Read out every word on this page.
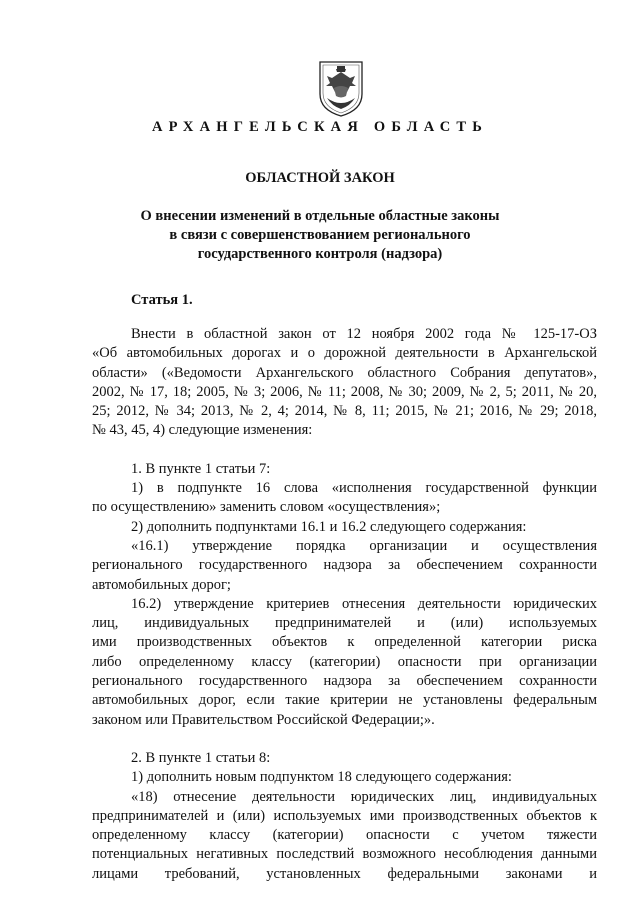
АРХАНГЕЛЬСКАЯ ОБЛАСТЬ
ОБЛАСТНОЙ ЗАКОН
О внесении изменений в отдельные областные законы
в связи с совершенствованием регионального
государственного контроля (надзора)
Статья 1.
Внести в областной закон от 12 ноября 2002 года № 125-17-ОЗ
«Об автомобильных дорогах и о дорожной деятельности в Архангельской
области» («Ведомости Архангельского областного Собрания депутатов»,
2002, № 17, 18; 2005, № 3; 2006, № 11; 2008, № 30; 2009, № 2, 5; 2011, № 20,
25; 2012, № 34; 2013, № 2, 4; 2014, № 8, 11; 2015, № 21; 2016, № 29; 2018,
№ 43, 45, 4) следующие изменения:
1. В пункте 1 статьи 7:
1) в подпункте 16 слова «исполнения государственной функции
по осуществлению» заменить словом «осуществления»;
2) дополнить подпунктами 16.1 и 16.2 следующего содержания:
«16.1) утверждение порядка организации и осуществления
регионального государственного надзора за обеспечением сохранности
автомобильных дорог;
16.2) утверждение критериев отнесения деятельности юридических
лиц, индивидуальных предпринимателей и (или) используемых
ими производственных объектов к определенной категории риска
либо определенному классу (категории) опасности при организации
регионального государственного надзора за обеспечением сохранности
автомобильных дорог, если такие критерии не установлены федеральным
законом или Правительством Российской Федерации;».
2. В пункте 1 статьи 8:
1) дополнить новым подпунктом 18 следующего содержания:
«18) отнесение деятельности юридических лиц, индивидуальных
предпринимателей и (или) используемых ими производственных объектов к
определенному классу (категории) опасности с учетом тяжести
потенциальных негативных последствий возможного несоблюдения данными
лицами требований, установленных федеральными законами и
